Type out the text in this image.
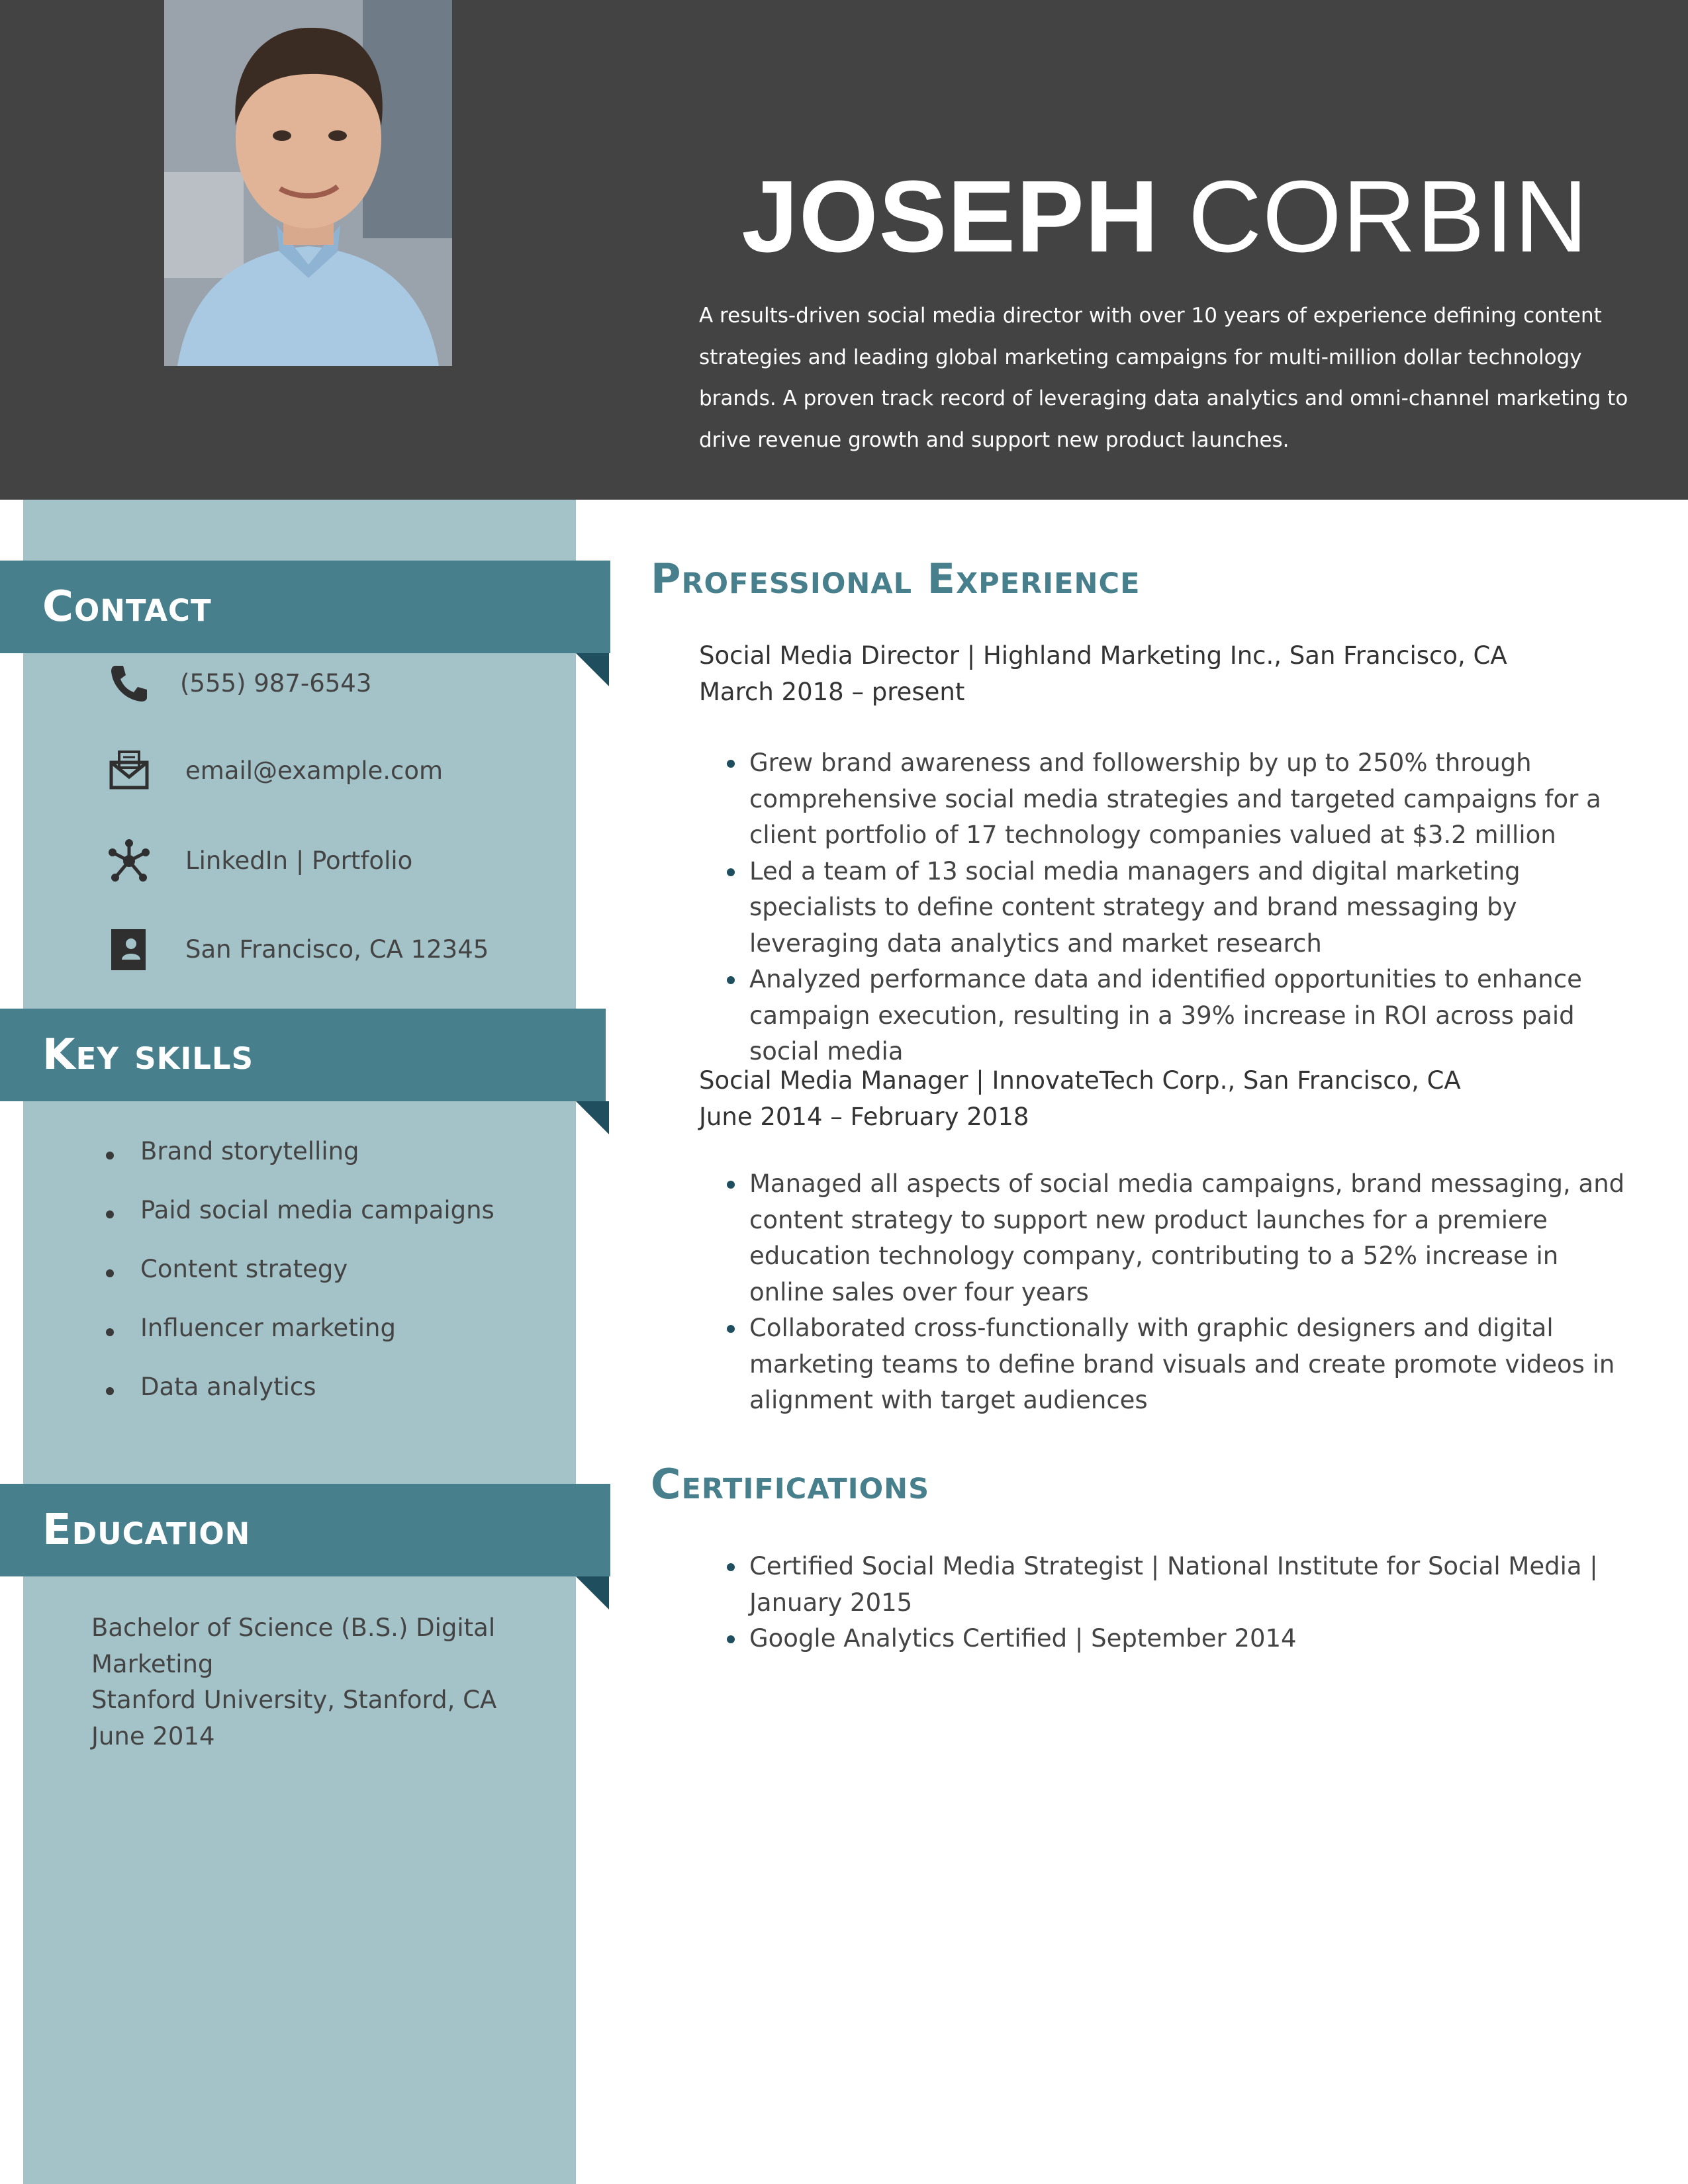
JOSEPH CORBIN
A results-driven social media director with over 10 years of experience defining content strategies and leading global marketing campaigns for multi-million dollar technology brands. A proven track record of leveraging data analytics and omni-channel marketing to drive revenue growth and support new product launches.
Contact
(555) 987-6543
email@example.com
LinkedIn | Portfolio
San Francisco, CA 12345
Key skills
Brand storytelling
Paid social media campaigns
Content strategy
Influencer marketing
Data analytics
Education
Bachelor of Science (B.S.) Digital Marketing
Stanford University, Stanford, CA
June 2014
Professional Experience
Social Media Director | Highland Marketing Inc., San Francisco, CA
March 2018 – present
Grew brand awareness and followership by up to 250% through comprehensive social media strategies and targeted campaigns for a client portfolio of 17 technology companies valued at $3.2 million
Led a team of 13 social media managers and digital marketing specialists to define content strategy and brand messaging by leveraging data analytics and market research
Analyzed performance data and identified opportunities to enhance campaign execution, resulting in a 39% increase in ROI across paid social media
Social Media Manager | InnovateTech Corp., San Francisco, CA
June 2014 – February 2018
Managed all aspects of social media campaigns, brand messaging, and content strategy to support new product launches for a premiere education technology company, contributing to a 52% increase in online sales over four years
Collaborated cross-functionally with graphic designers and digital marketing teams to define brand visuals and create promote videos in alignment with target audiences
Certifications
Certified Social Media Strategist | National Institute for Social Media | January 2015
Google Analytics Certified | September 2014
